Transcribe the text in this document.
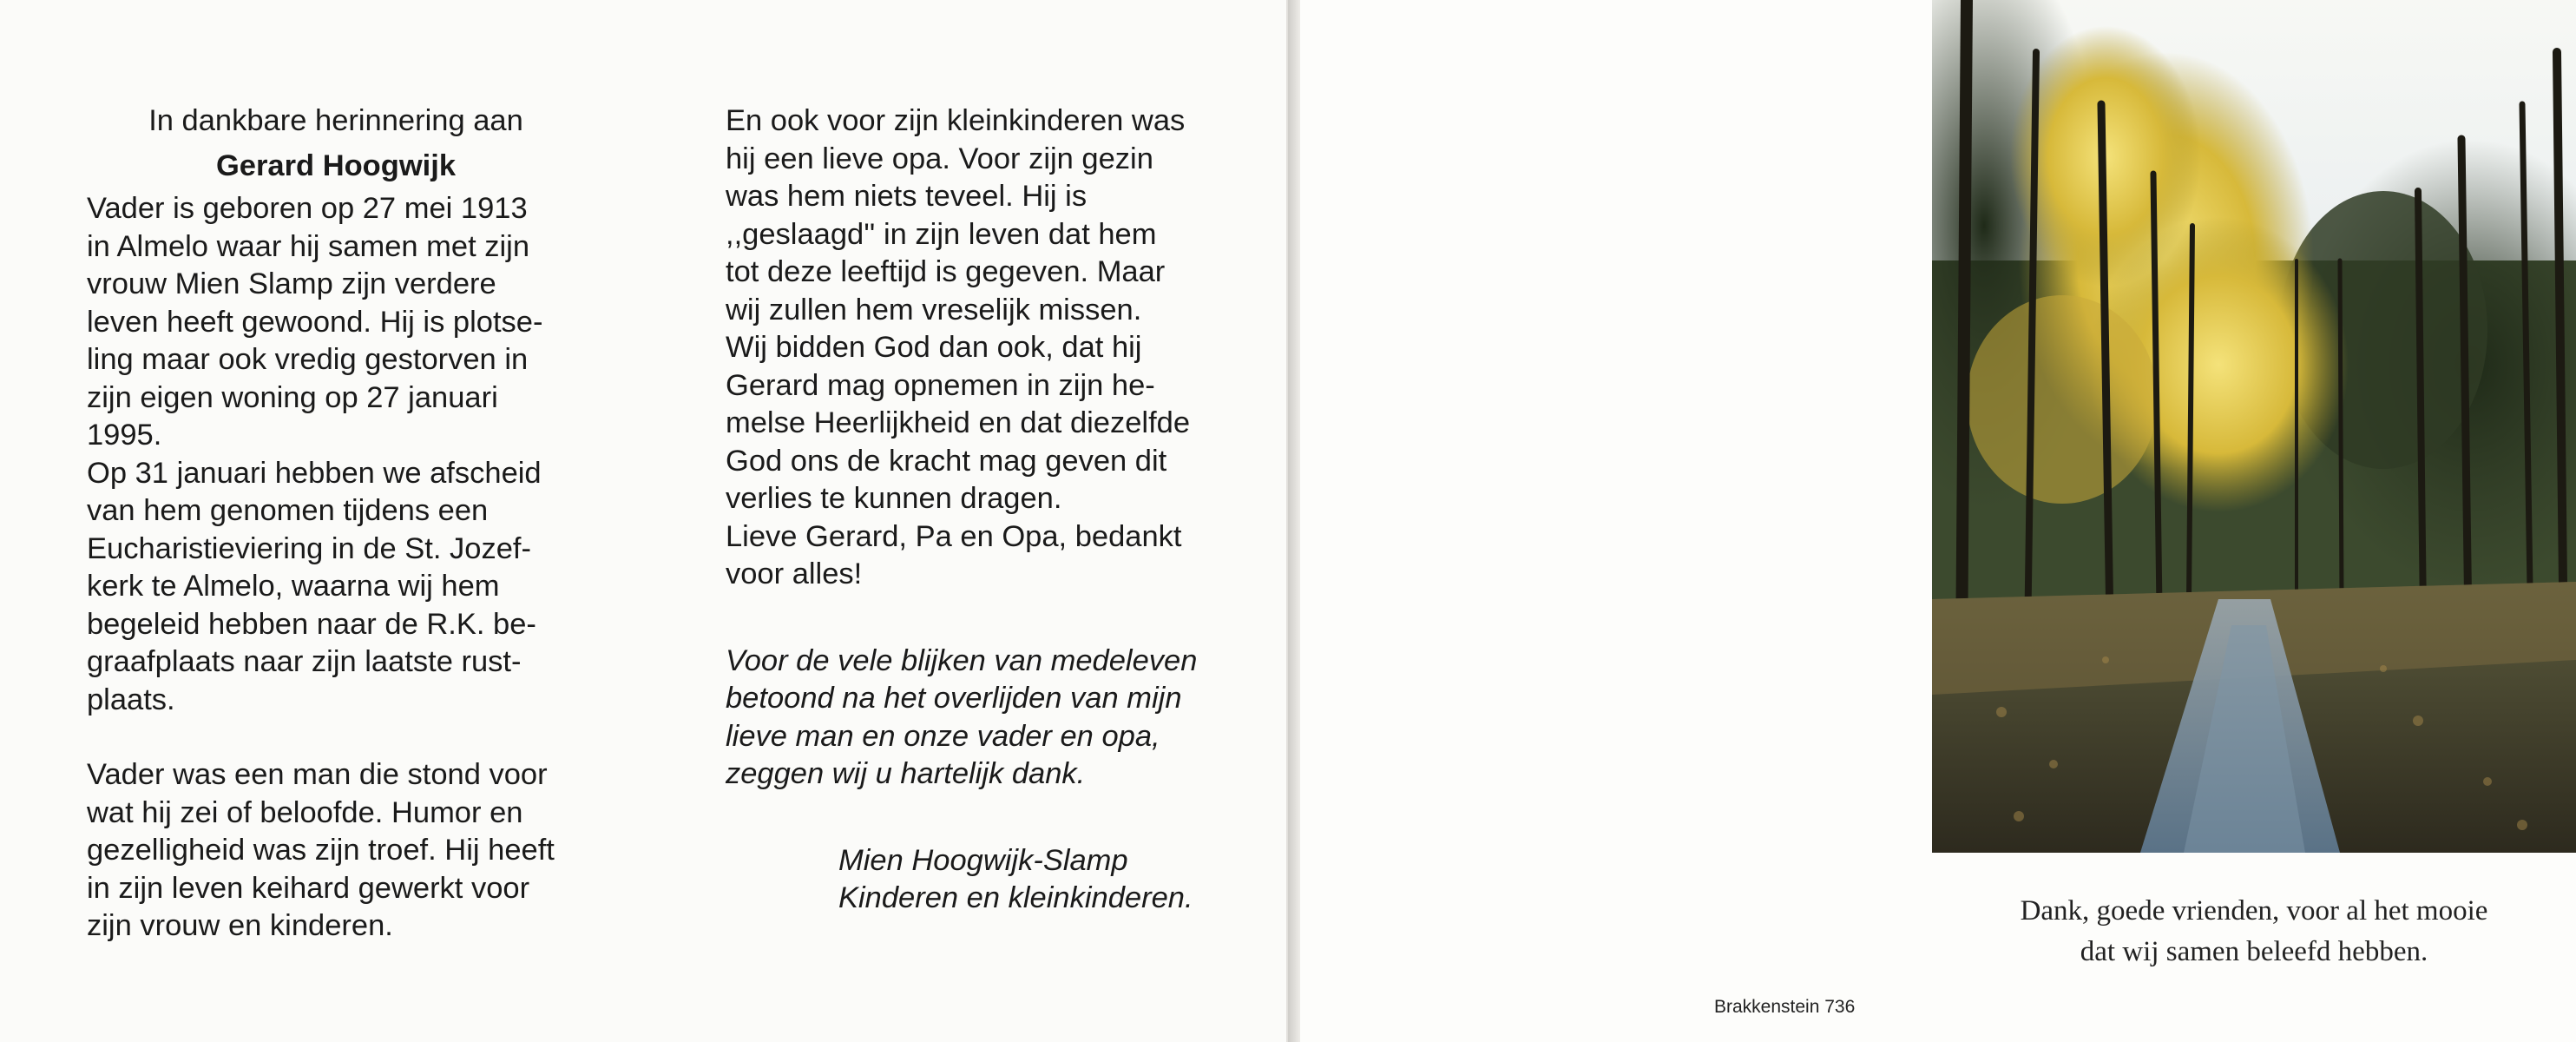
In dankbare herinnering aan

Gerard Hoogwijk

Vader is geboren op 27 mei 1913
in Almelo waar hij samen met zijn
vrouw Mien Slamp zijn verdere
leven heeft gewoond. Hij is plotse-
ling maar ook vredig gestorven in
zijn eigen woning op 27 januari
1995.
Op 31 januari hebben we afscheid
van hem genomen tijdens een
Eucharistieviering in de St. Jozef-
kerk te Almelo, waarna wij hem
begeleid hebben naar de R.K. be-
graafplaats naar zijn laatste rust-
plaats.
Vader was een man die stond voor
wat hij zei of beloofde. Humor en
gezelligheid was zijn troef. Hij heeft
in zijn leven keihard gewerkt voor
zijn vrouw en kinderen.
En ook voor zijn kleinkinderen was
hij een lieve opa. Voor zijn gezin
was hem niets teveel. Hij is
,,geslaagd'' in zijn leven dat hem
tot deze leeftijd is gegeven. Maar
wij zullen hem vreselijk missen.
Wij bidden God dan ook, dat hij
Gerard mag opnemen in zijn he-
melse Heerlijkheid en dat diezelfde
God ons de kracht mag geven dit
verlies te kunnen dragen.
Lieve Gerard, Pa en Opa, bedankt
voor alles!
Voor de vele blijken van medeleven
betoond na het overlijden van mijn
lieve man en onze vader en opa,
zeggen wij u hartelijk dank.
Mien Hoogwijk-Slamp
Kinderen en kleinkinderen.	Dank, goede vrienden, voor al het mooie
dat wij samen beleefd hebben.
Brakkenstein 736
